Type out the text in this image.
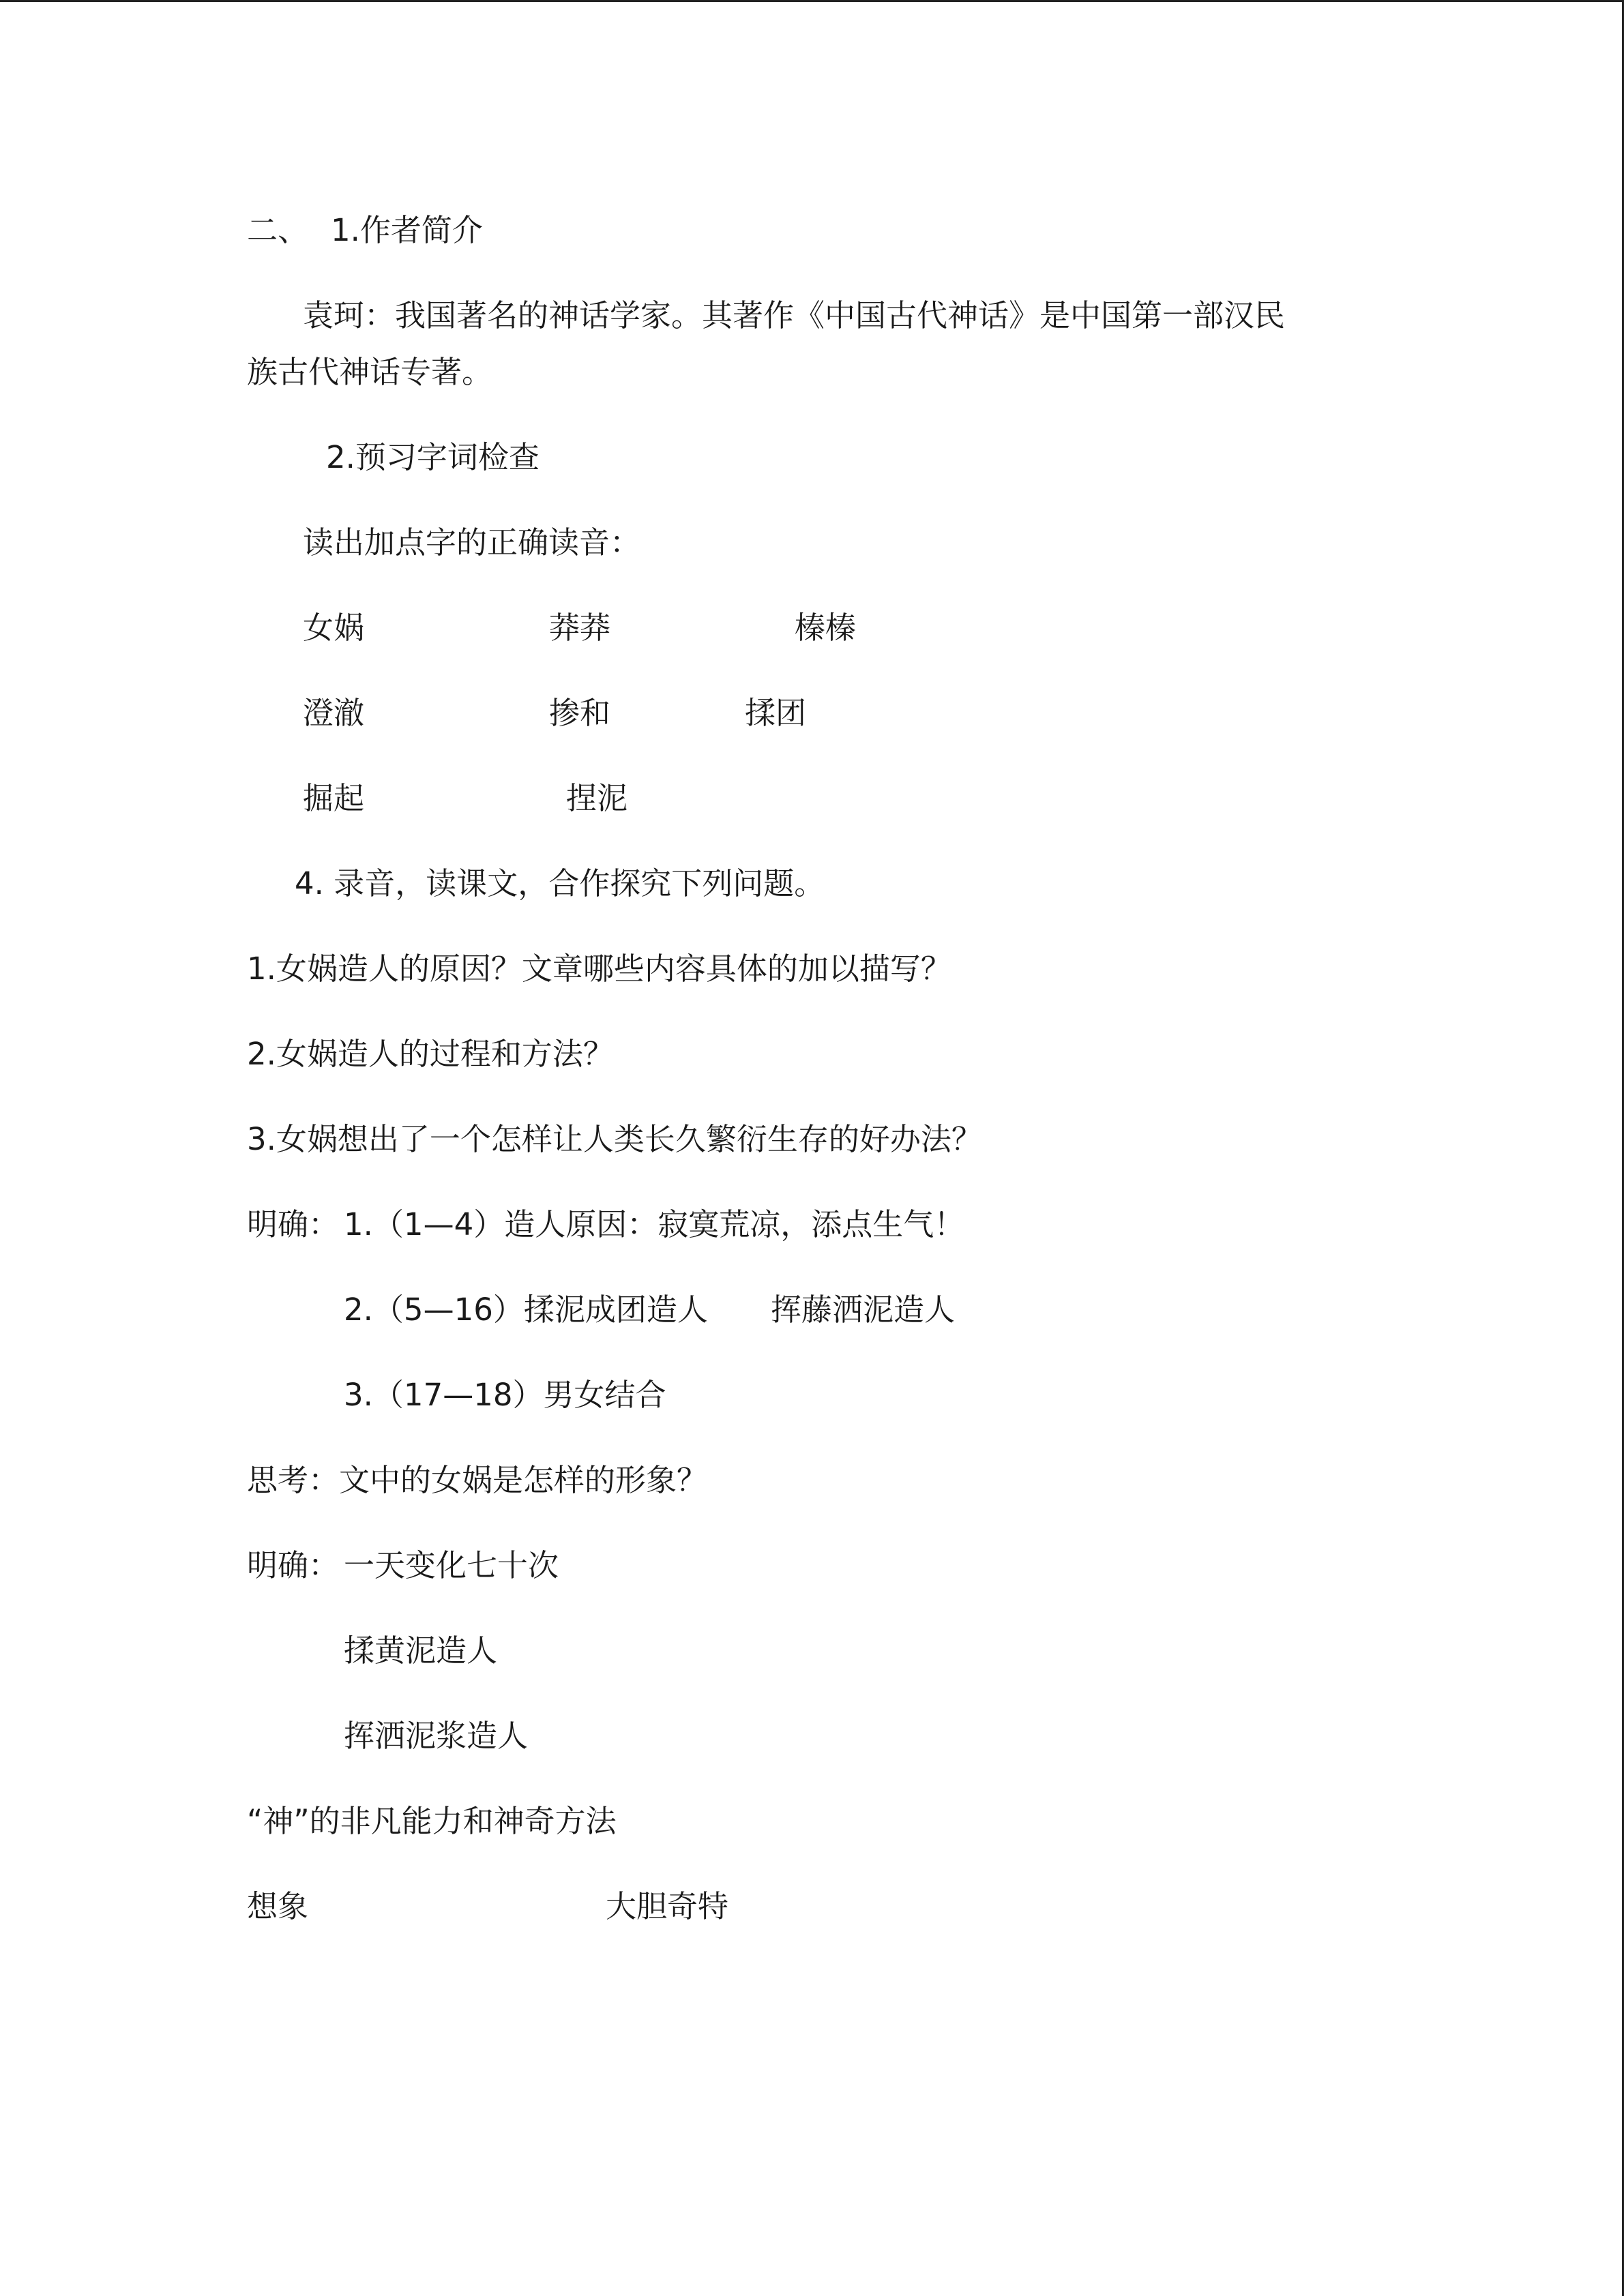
二、 1.作者简介
袁珂：我国著名的神话学家。其著作《中国古代神话》是中国第一部汉民
族古代神话专著。
2.预习字词检查
读出加点字的正确读音：
女娲	莽莽	榛榛
澄澈	掺和	揉团
掘起	捏泥
4. 录音，读课文，合作探究下列问题。
1.女娲造人的原因？文章哪些内容具体的加以描写？
2.女娲造人的过程和方法？
3.女娲想出了一个怎样让人类长久繁衍生存的好办法？
明确： 1.（1—4）造人原因：寂寞荒凉，添点生气！
2.（5—16）揉泥成团造人 挥藤洒泥造人
3.（17—18）男女结合
思考：文中的女娲是怎样的形象？
明确： 一天变化七十次
揉黄泥造人
挥洒泥浆造人
“神”的非凡能力和神奇方法
想象	大胆奇特
